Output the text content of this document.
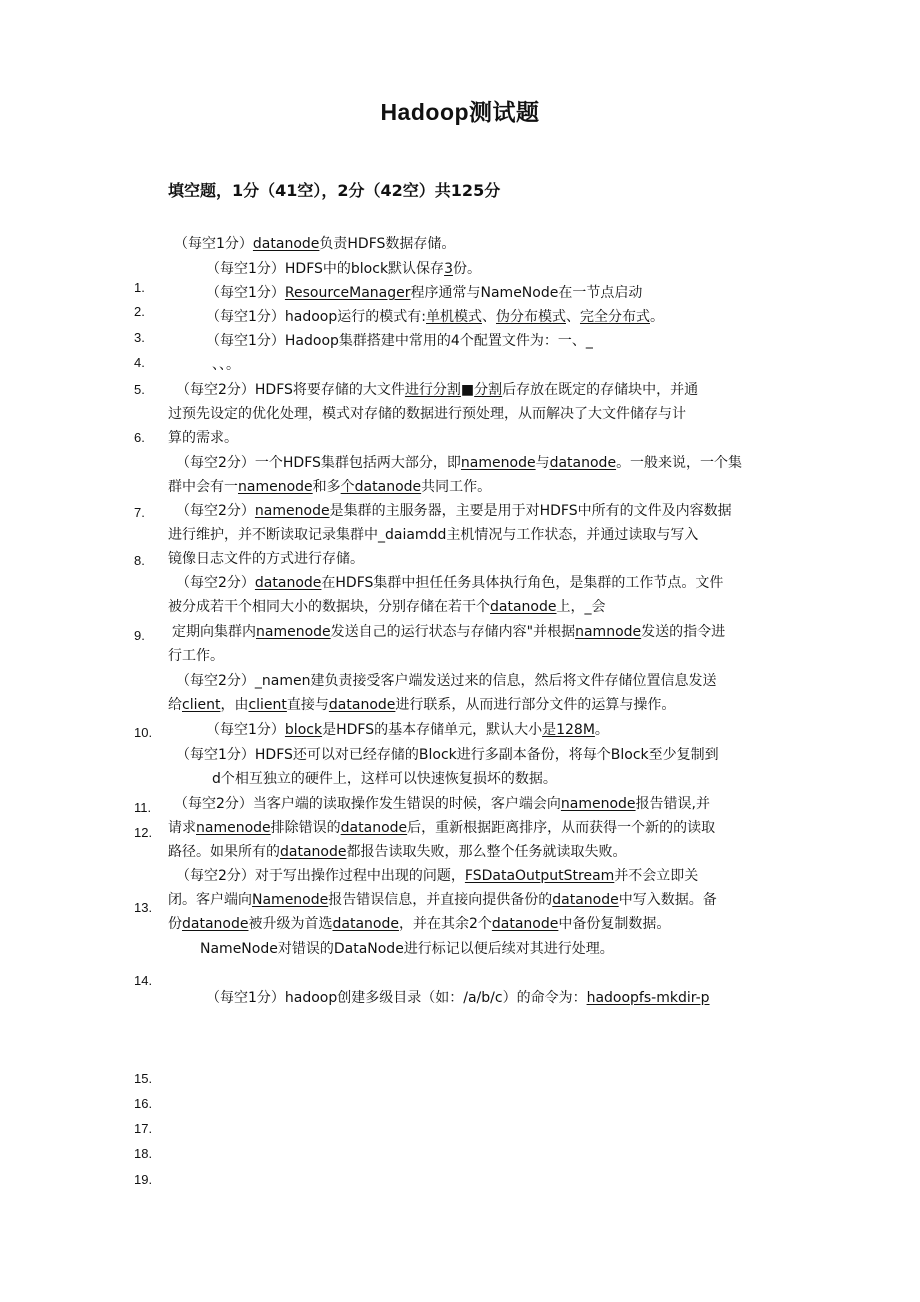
Hadoop测试题
填空题，1分（41空），2分（42空）共125分
1.
2.
3.
4.
5.
6.
7.
8.
9.
10.
11.
12.
13.
14.
15.
16.
17.
18.
19.
（每空1分）datanode负责HDFS数据存储。
（每空1分）HDFS中的block默认保存3份。
（每空1分）ResourceManager程序通常与NameNode在一节点启动
（每空1分）hadoop运行的模式有:单机模式、伪分布模式、完全分布式。
（每空1分）Hadoop集群搭建中常用的4个配置文件为：一、_
、、。
（每空2分）HDFS将要存储的大文件进行分割■分割后存放在既定的存储块中，并通
过预先设定的优化处理，模式对存储的数据进行预处理，从而解决了大文件储存与计
算的需求。
（每空2分）一个HDFS集群包括两大部分，即namenode与datanode。一般来说，一个集
群中会有一namenode和多个datanode共同工作。
（每空2分）namenode是集群的主服务器，主要是用于对HDFS中所有的文件及内容数据
进行维护，并不断读取记录集群中_daiamdd主机情况与工作状态，并通过读取与写入
镜像日志文件的方式进行存储。
（每空2分）datanode在HDFS集群中担任任务具体执行角色，是集群的工作节点。文件
被分成若干个相同大小的数据块，分别存储在若干个datanode上，_会
定期向集群内namenode发送自己的运行状态与存储内容"并根据namnode发送的指令进
行工作。
（每空2分）_namen建负责接受客户端发送过来的信息，然后将文件存储位置信息发送
给client，由client直接与datanode进行联系，从而进行部分文件的运算与操作。
（每空1分）block是HDFS的基本存储单元，默认大小是128M。
（每空1分）HDFS还可以对已经存储的Block进行多副本备份，将每个Block至少复制到
d个相互独立的硬件上，这样可以快速恢复损坏的数据。
（每空2分）当客户端的读取操作发生错误的时候，客户端会向namenode报告错误,并
请求namenode排除错误的datanode后，重新根据距离排序，从而获得一个新的的读取
路径。如果所有的datanode都报告读取失败，那么整个任务就读取失败。
（每空2分）对于写出操作过程中出现的问题，FSDataOutputStream并不会立即关
闭。客户端向Namenode报告错误信息，并直接向提供备份的datanode中写入数据。备
份datanode被升级为首选datanode，并在其余2个datanode中备份复制数据。
NameNode对错误的DataNode进行标记以便后续对其进行处理。
（每空1分）hadoop创建多级目录（如：/a/b/c）的命令为：hadoopfs-mkdir-p
